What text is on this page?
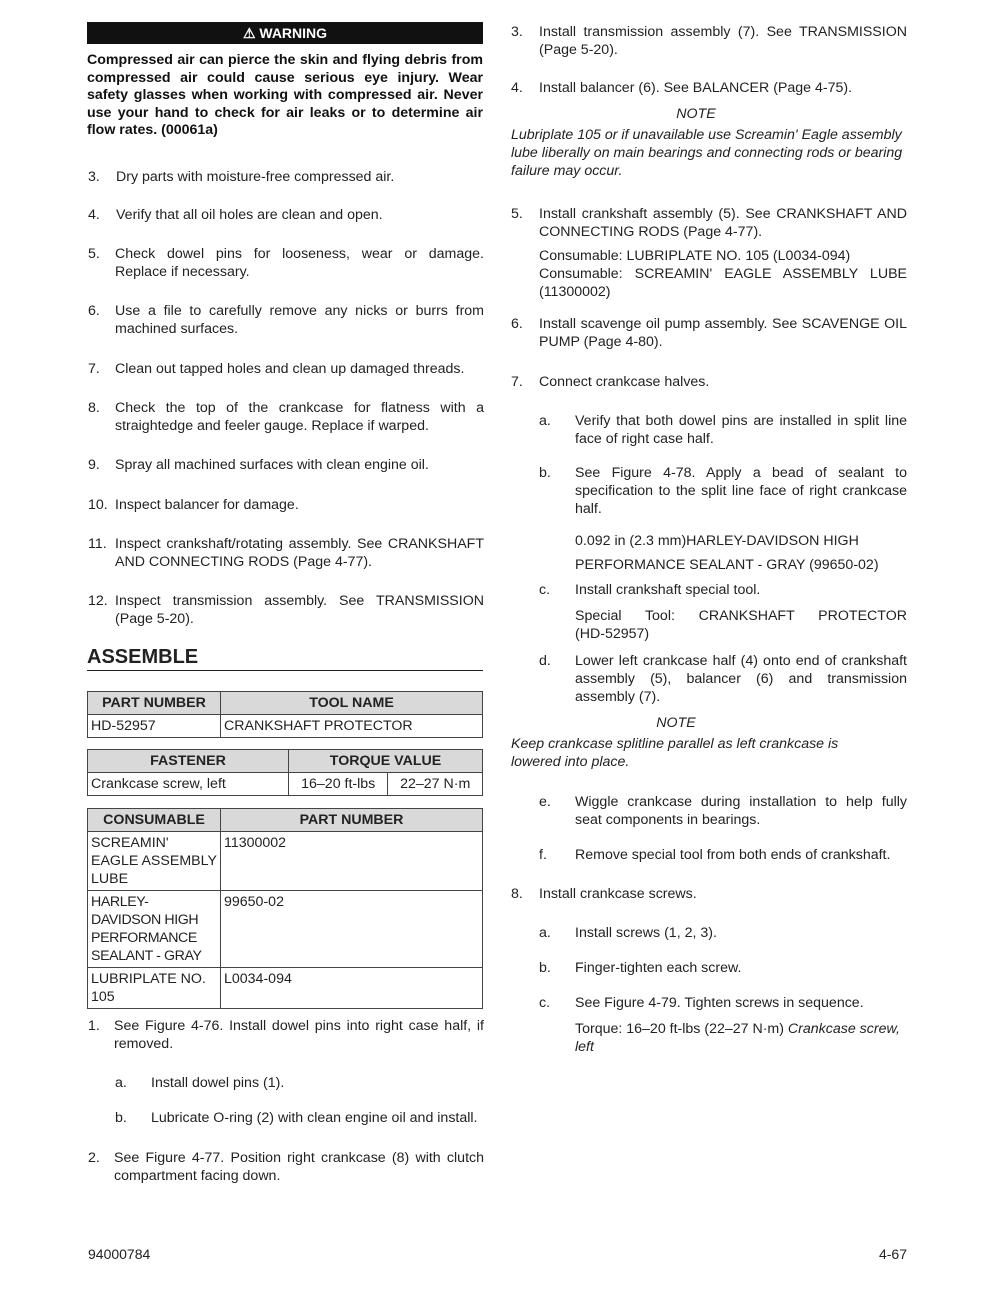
⚠ WARNING
Compressed air can pierce the skin and flying debris from compressed air could cause serious eye injury. Wear safety glasses when working with compressed air. Never use your hand to check for air leaks or to determine air flow rates. (00061a)
3. Dry parts with moisture-free compressed air.
4. Verify that all oil holes are clean and open.
5. Check dowel pins for looseness, wear or damage. Replace if necessary.
6. Use a file to carefully remove any nicks or burrs from machined surfaces.
7. Clean out tapped holes and clean up damaged threads.
8. Check the top of the crankcase for flatness with a straightedge and feeler gauge. Replace if warped.
9. Spray all machined surfaces with clean engine oil.
10. Inspect balancer for damage.
11. Inspect crankshaft/rotating assembly. See CRANKSHAFT AND CONNECTING RODS (Page 4-77).
12. Inspect transmission assembly. See TRANSMISSION (Page 5-20).
ASSEMBLE
PART NUMBER	TOOL NAME
HD-52957	CRANKSHAFT PROTECTOR
FASTENER	TORQUE VALUE	
Crankcase screw, left	16–20 ft-lbs	22–27 N·m
CONSUMABLE	PART NUMBER
SCREAMIN' EAGLE ASSEMBLY LUBE	11300002
HARLEY-DAVIDSON HIGH PERFORMANCE SEALANT - GRAY	99650-02
LUBRIPLATE NO. 105	L0034-094
1. See Figure 4-76. Install dowel pins into right case half, if removed.
a. Install dowel pins (1).
b. Lubricate O-ring (2) with clean engine oil and install.
2. See Figure 4-77. Position right crankcase (8) with clutch compartment facing down.
3. Install transmission assembly (7). See TRANSMISSION (Page 5-20).
4. Install balancer (6). See BALANCER (Page 4-75).
NOTE
Lubriplate 105 or if unavailable use Screamin' Eagle assembly lube liberally on main bearings and connecting rods or bearing failure may occur.
5. Install crankshaft assembly (5). See CRANKSHAFT AND CONNECTING RODS (Page 4-77).
Consumable: LUBRIPLATE NO. 105 (L0034-094)
Consumable: SCREAMIN' EAGLE ASSEMBLY LUBE (11300002)
6. Install scavenge oil pump assembly. See SCAVENGE OIL PUMP (Page 4-80).
7. Connect crankcase halves.
a. Verify that both dowel pins are installed in split line face of right case half.
b. See Figure 4-78. Apply a bead of sealant to specification to the split line face of right crankcase half.
0.092 in (2.3 mm)HARLEY-DAVIDSON HIGH PERFORMANCE SEALANT - GRAY (99650-02)
c. Install crankshaft special tool.
Special Tool: CRANKSHAFT PROTECTOR (HD-52957)
d. Lower left crankcase half (4) onto end of crankshaft assembly (5), balancer (6) and transmission assembly (7).
NOTE
Keep crankcase splitline parallel as left crankcase is lowered into place.
e. Wiggle crankcase during installation to help fully seat components in bearings.
f. Remove special tool from both ends of crankshaft.
8. Install crankcase screws.
a. Install screws (1, 2, 3).
b. Finger-tighten each screw.
c. See Figure 4-79. Tighten screws in sequence.
Torque: 16–20 ft-lbs (22–27 N·m) Crankcase screw, left
94000784	4-67
